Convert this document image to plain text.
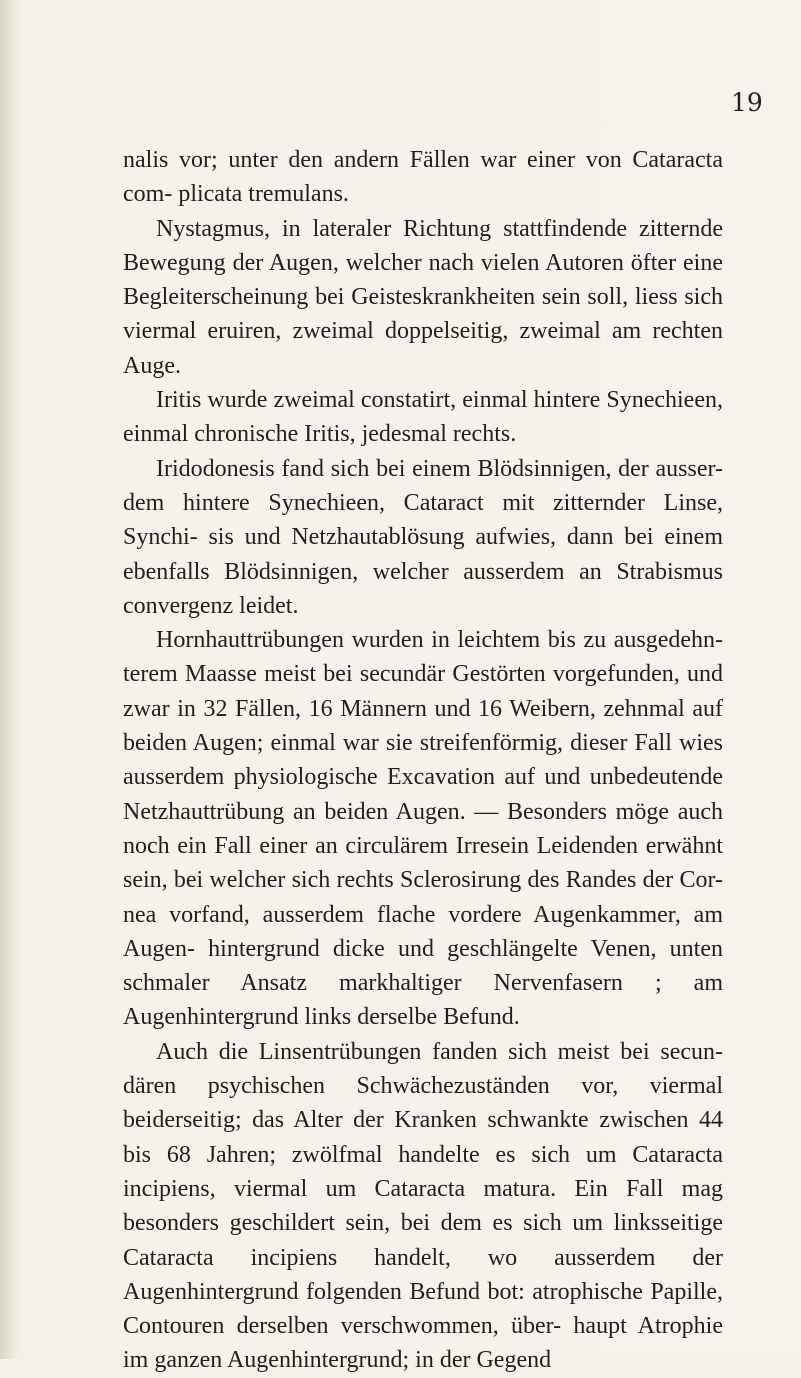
19

nalis vor; unter den andern Fällen war einer von Cataracta com- plicata tremulans.

Nystagmus, in lateraler Richtung stattfindende zitternde Bewegung der Augen, welcher nach vielen Autoren öfter eine Begleiterscheinung bei Geisteskrankheiten sein soll, liess sich viermal eruiren, zweimal doppelseitig, zweimal am rechten Auge.

Iritis wurde zweimal constatirt, einmal hintere Synechieen, einmal chronische Iritis, jedesmal rechts.

Iridodonesis fand sich bei einem Blödsinnigen, der ausser- dem hintere Synechieen, Cataract mit zitternder Linse, Synchi- sis und Netzhautablösung aufwies, dann bei einem ebenfalls Blödsinnigen, welcher ausserdem an Strabismus convergenz leidet.

Hornhauttrübungen wurden in leichtem bis zu ausgedehn- terem Maasse meist bei secundär Gestörten vorgefunden, und zwar in 32 Fällen, 16 Männern und 16 Weibern, zehnmal auf beiden Augen; einmal war sie streifenförmig, dieser Fall wies ausserdem physiologische Excavation auf und unbedeutende Netzhauttrübung an beiden Augen. — Besonders möge auch noch ein Fall einer an circulärem Irresein Leidenden erwähnt sein, bei welcher sich rechts Sclerosirung des Randes der Cor- nea vorfand, ausserdem flache vordere Augenkammer, am Augen- hintergrund dicke und geschlängelte Venen, unten schmaler Ansatz markhaltiger Nervenfasern ; am Augenhintergrund links derselbe Befund.

Auch die Linsentrübungen fanden sich meist bei secun- dären psychischen Schwächezuständen vor, viermal beiderseitig; das Alter der Kranken schwankte zwischen 44 bis 68 Jahren; zwölfmal handelte es sich um Cataracta incipiens, viermal um Cataracta matura. Ein Fall mag besonders geschildert sein, bei dem es sich um linksseitige Cataracta incipiens handelt, wo ausserdem der Augenhintergrund folgenden Befund bot: atrophische Papille, Contouren derselben verschwommen, über- haupt Atrophie im ganzen Augenhintergrund; in der Gegend
